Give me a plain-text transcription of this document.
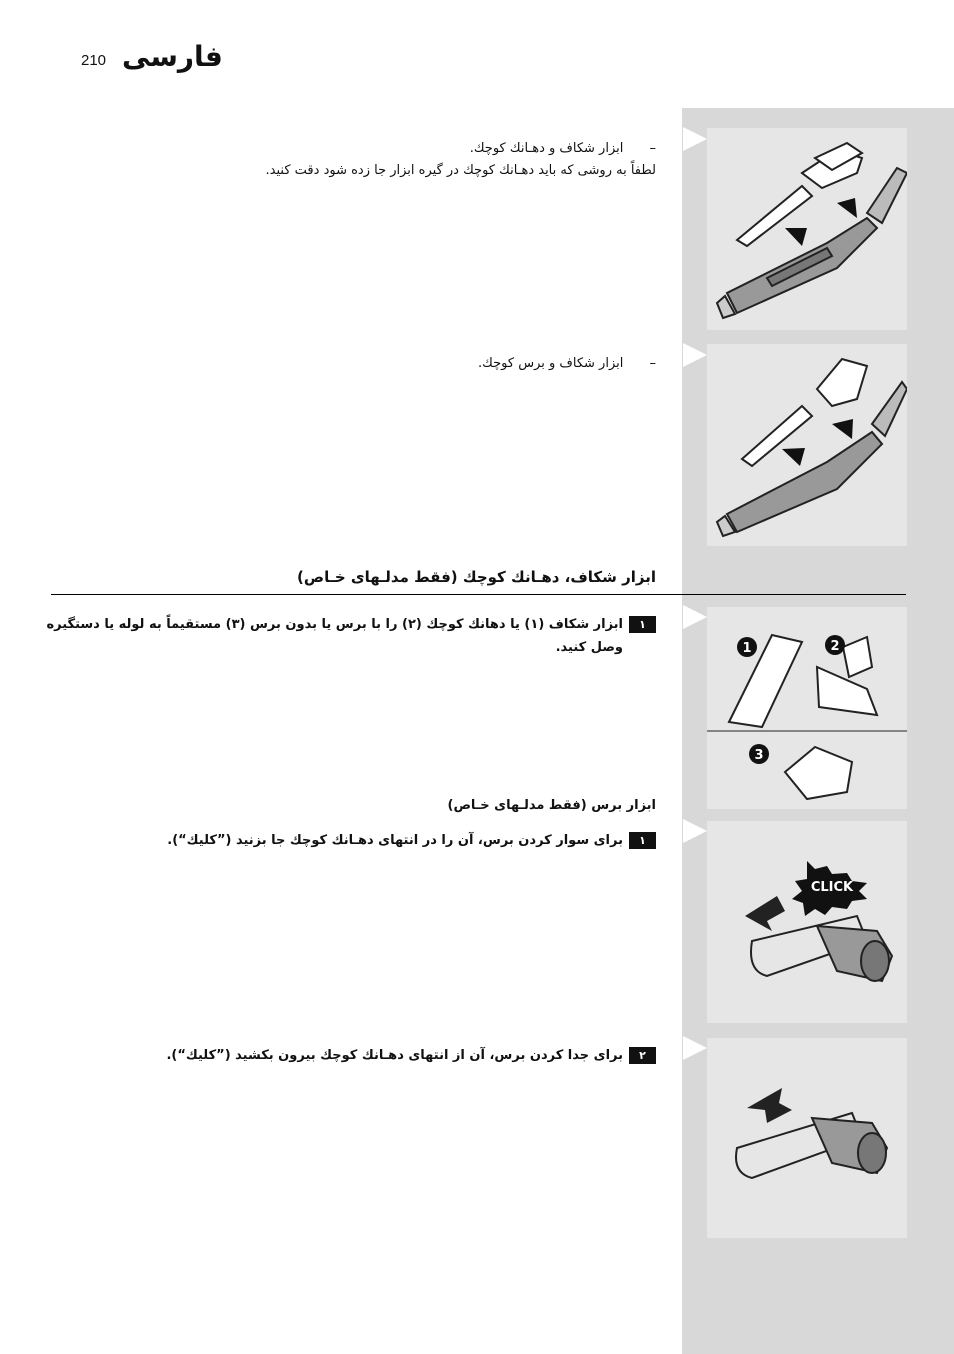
210 فارسی
1	2
3
CLICK
– ابزار شکاف و دهـانك كوچك.
لطفاً به روشی که باید دهـانك کوچك در گیره ابزار جا زده شود دقت کنید.
– ابزار شکاف و برس کوچك.
ابزار شکاف، دهـانك كوچك (فقط مدلـهای خـاص)
۱ابزار شکاف (۱) یا دهانك كوچك (۲) را با برس یا بدون برس (۳) مستقیماً به لوله یا دستگیره
وصل کنید.
ابزار برس (فقط مدلـهای خـاص)
۱برای سوار کردن برس، آن را در انتهای دهـانك كوچك جا بزنید (”كليك“).
۲برای جدا کردن برس، آن از انتهای دهـانك كوچك بیرون بکشید (”كليك“).
